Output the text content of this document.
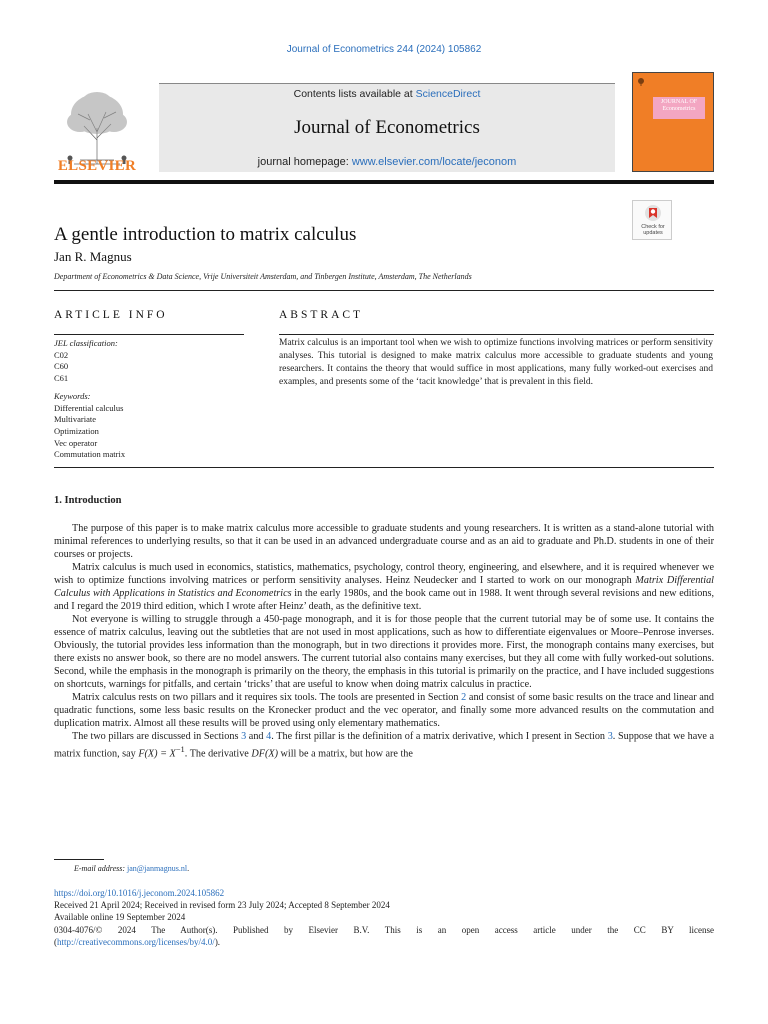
Journal of Econometrics 244 (2024) 105862
ELSEVIER
Contents lists available at ScienceDirect
Journal of Econometrics
journal homepage: www.elsevier.com/locate/jeconom
JOURNAL OF Econometrics
Check for updates
A gentle introduction to matrix calculus
Jan R. Magnus
Department of Econometrics & Data Science, Vrije Universiteit Amsterdam, and Tinbergen Institute, Amsterdam, The Netherlands
ARTICLE INFO	ABSTRACT
JEL classification:
C02
C60
C61
Keywords:
Differential calculus
Multivariate
Optimization
Vec operator
Commutation matrix
Matrix calculus is an important tool when we wish to optimize functions involving matrices or perform sensitivity analyses. This tutorial is designed to make matrix calculus more accessible to graduate students and young researchers. It contains the theory that would suffice in most applications, many fully worked-out exercises and examples, and presents some of the ‘tacit knowledge’ that is prevalent in this field.
1. Introduction

The purpose of this paper is to make matrix calculus more accessible to graduate students and young researchers. It is written as a stand-alone tutorial with minimal references to underlying results, so that it can be used in an advanced undergraduate course and as an aid to graduate and Ph.D. students in one of their courses or projects.

Matrix calculus is much used in economics, statistics, mathematics, psychology, control theory, engineering, and elsewhere, and it is required whenever we wish to optimize functions involving matrices or perform sensitivity analyses. Heinz Neudecker and I started to work on our monograph Matrix Differential Calculus with Applications in Statistics and Econometrics in the early 1980s, and the book came out in 1988. It went through several revisions and new editions, and I regard the 2019 third edition, which I wrote after Heinz’ death, as the definitive text.

Not everyone is willing to struggle through a 450-page monograph, and it is for those people that the current tutorial may be of some use. It contains the essence of matrix calculus, leaving out the subtleties that are not used in most applications, such as how to differentiate eigenvalues or Moore–Penrose inverses. Obviously, the tutorial provides less information than the monograph, but in two directions it provides more. First, the monograph contains many exercises, but there exists no answer book, so there are no model answers. The current tutorial also contains many exercises, but they all come with fully worked-out solutions. Second, while the emphasis in the monograph is primarily on the theory, the emphasis in this tutorial is primarily on the practice, and I have included suggestions on shortcuts, warnings for pitfalls, and certain ‘tricks’ that are useful to know when doing matrix calculus in practice.

Matrix calculus rests on two pillars and it requires six tools. The tools are presented in Section 2 and consist of some basic results on the trace and linear and quadratic functions, some less basic results on the Kronecker product and the vec operator, and finally some more advanced results on the commutation and duplication matrix. Almost all these results will be proved using only elementary mathematics.

The two pillars are discussed in Sections 3 and 4. The first pillar is the definition of a matrix derivative, which I present in Section 3. Suppose that we have a matrix function, say $F(X) = X^{-1}$. The derivative DF(X) will be a matrix, but how are the

E-mail address: jan@janmagnus.nl.
https://doi.org/10.1016/j.jeconom.2024.105862
Received 21 April 2024; Received in revised form 23 July 2024; Accepted 8 September 2024
Available online 19 September 2024
0304-4076/© 2024 The Author(s). Published by Elsevier B.V. This is an open access article under the CC BY license
(http://creativecommons.org/licenses/by/4.0/).
